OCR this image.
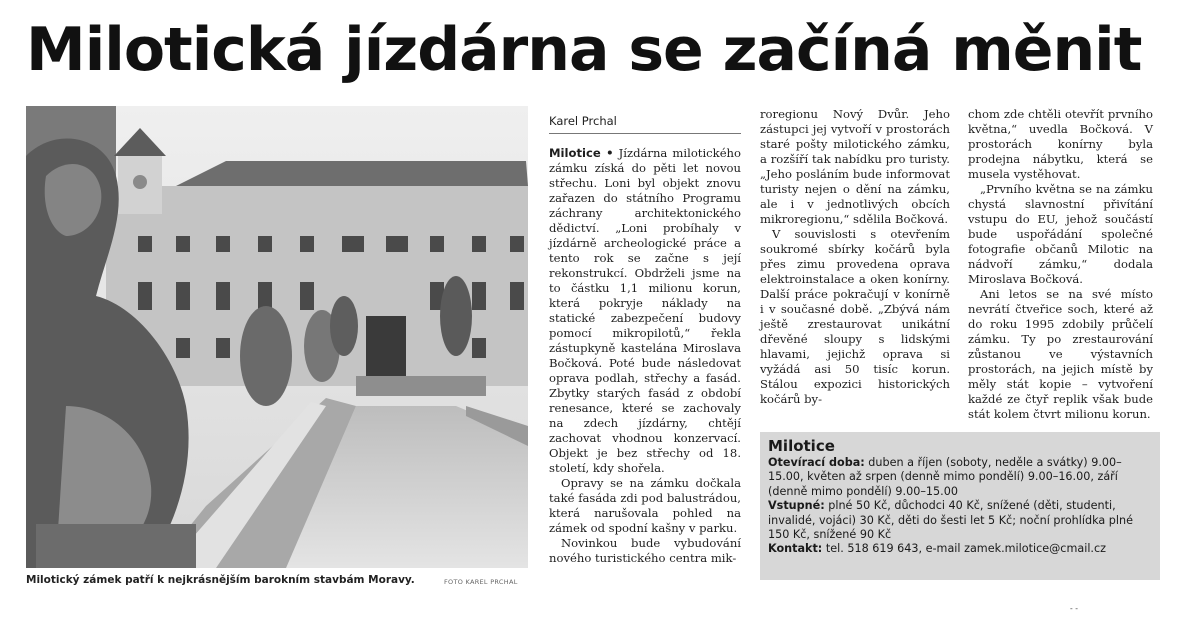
Milotická jízdárna se začíná měnit
Milotický zámek patří k nejkrásnějším barokním stavbám Moravy.	FOTO KAREL PRCHAL
Karel Prchal

Milotice • Jízdárna milotického zámku získá do pěti let novou střechu. Loni byl objekt znovu zařazen do státního Programu záchrany architektonického dědictví. „Loni probíhaly v jízdárně archeologické práce a tento rok se začne s její rekonstrukcí. Obdrželi jsme na to částku 1,1 milionu korun, která pokryje náklady na statické zabezpečení budovy pomocí mikropilotů,“ řekla zástupkyně kastelána Miroslava Bočková. Poté bude následovat oprava podlah, střechy a fasád. Zbytky starých fasád z období renesance, které se zachovaly na zdech jízdárny, chtějí zachovat vhodnou konzervací. Objekt je bez střechy od 18. století, kdy shořela.

Opravy se na zámku dočkala také fasáda zdi pod balustrádou, která narušovala pohled na zámek od spodní kašny v parku.

Novinkou bude vybudování nového turistického centra mik-

roregionu Nový Dvůr. Jeho zástupci jej vytvoří v prostorách staré pošty milotického zámku, a rozšíří tak nabídku pro turisty. „Jeho posláním bude informovat turisty nejen o dění na zámku, ale i v jednotlivých obcích mikroregionu,“ sdělila Bočková.

V souvislosti s otevřením soukromé sbírky kočárů byla přes zimu provedena oprava elektroinstalace a oken konírny. Další práce pokračují v konírně i v současné době. „Zbývá nám ještě zrestaurovat unikátní dřevěné sloupy s lidskými hlavami, jejichž oprava si vyžádá asi 50 tisíc korun. Stálou expozici historických kočárů by-

chom zde chtěli otevřít prvního května,“ uvedla Bočková. V prostorách konírny byla prodejna nábytku, která se musela vystěhovat.

„Prvního května se na zámku chystá slavnostní přivítání vstupu do EU, jehož součástí bude uspořádání společné fotografie občanů Milotic na nádvoří zámku,“ dodala Miroslava Bočková.

Ani letos se na své místo nevrátí čtveřice soch, které až do roku 1995 zdobily průčelí zámku. Ty po zrestaurování zůstanou ve výstavních prostorách, na jejich místě by měly stát kopie – vytvoření každé ze čtyř replik však bude stát kolem čtvrt milionu korun.

Milotice

Otevírací doba: duben a říjen (soboty, neděle a svátky) 9.00–15.00, květen až srpen (denně mimo pondělí) 9.00–16.00, září (denně mimo pondělí) 9.00–15.00

Vstupné: plné 50 Kč, důchodci 40 Kč, snížené (děti, studenti, invalidé, vojáci) 30 Kč, děti do šesti let 5 Kč; noční prohlídka plné 150 Kč, snížené 90 Kč

Kontakt: tel. 518 619 643, e-mail zamek.milotice@cmail.cz

- -
